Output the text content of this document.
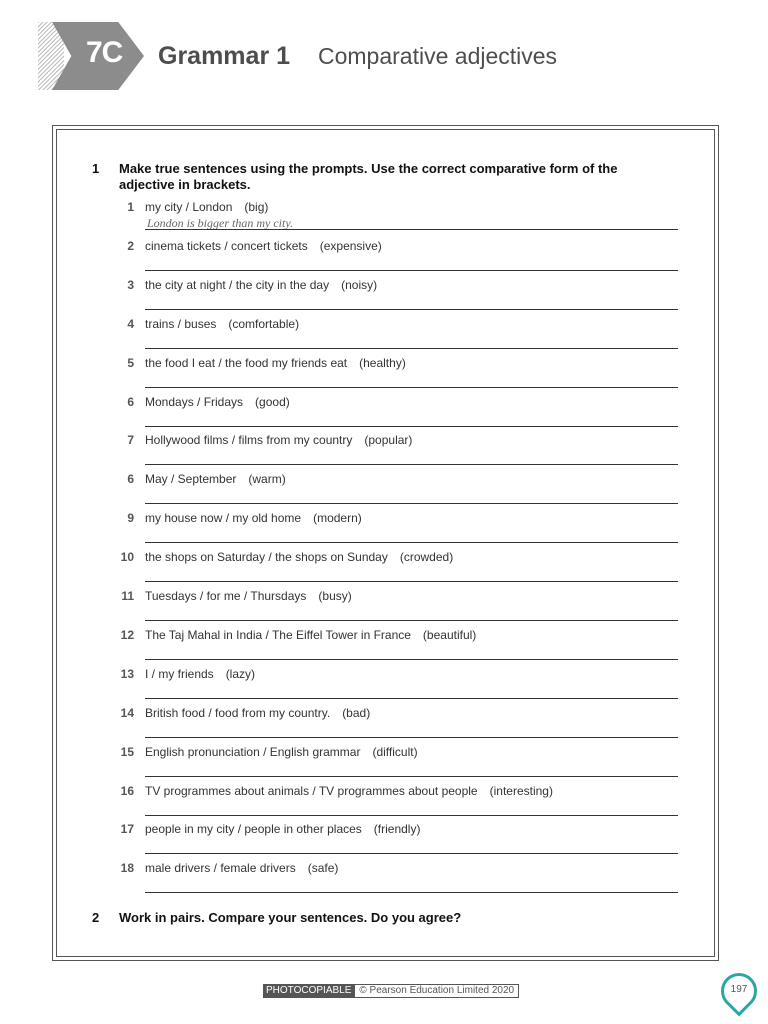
7C Grammar 1 Comparative adjectives
1 Make true sentences using the prompts. Use the correct comparative form of the adjective in brackets.
1 my city / London (big)
London is bigger than my city.
2 cinema tickets / concert tickets (expensive)
3 the city at night / the city in the day (noisy)
4 trains / buses (comfortable)
5 the food I eat / the food my friends eat (healthy)
6 Mondays / Fridays (good)
7 Hollywood films / films from my country (popular)
6 May / September (warm)
9 my house now / my old home (modern)
10 the shops on Saturday / the shops on Sunday (crowded)
11 Tuesdays / for me / Thursdays (busy)
12 The Taj Mahal in India / The Eiffel Tower in France (beautiful)
13 I / my friends (lazy)
14 British food / food from my country. (bad)
15 English pronunciation / English grammar (difficult)
16 TV programmes about animals / TV programmes about people (interesting)
17 people in my city / people in other places (friendly)
18 male drivers / female drivers (safe)
2 Work in pairs. Compare your sentences. Do you agree?
PHOTOCOPIABLE © Pearson Education Limited 2020	197
